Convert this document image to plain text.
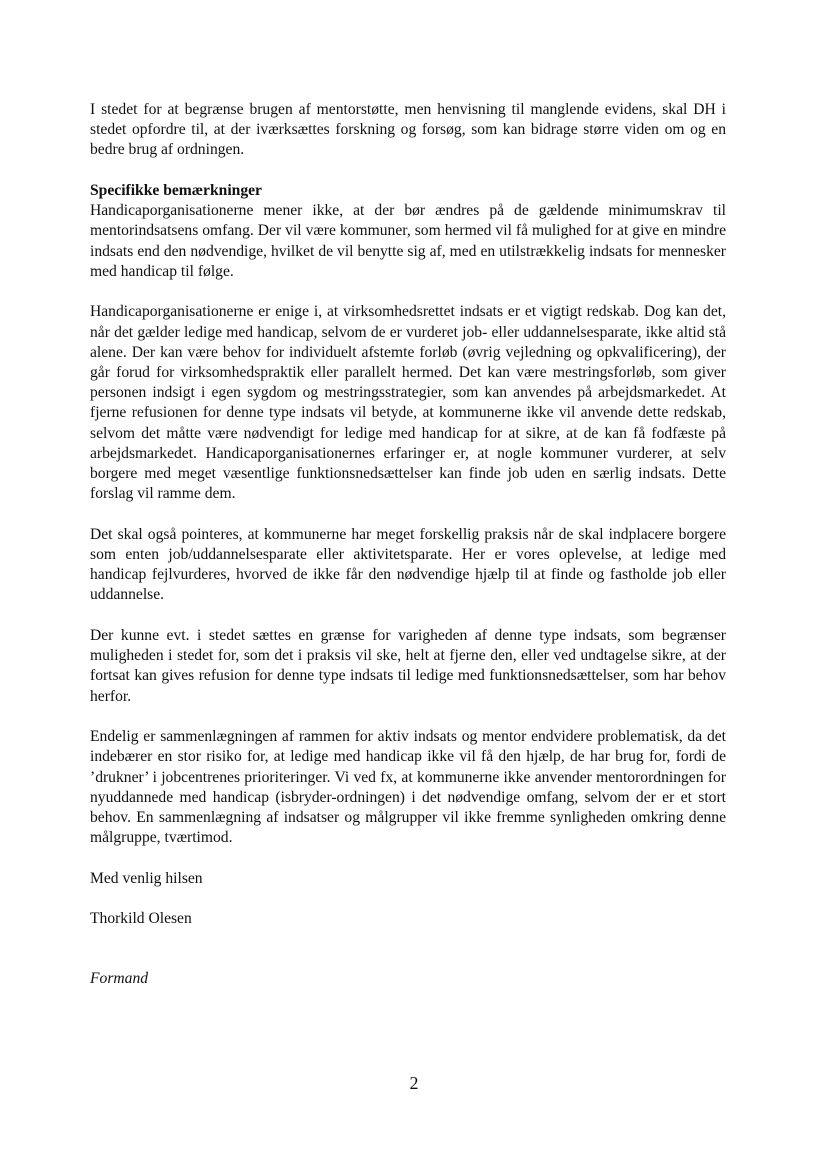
I stedet for at begrænse brugen af mentorstøtte, men henvisning til manglende evidens, skal DH i stedet opfordre til, at der iværksættes forskning og forsøg, som kan bidrage større viden om og en bedre brug af ordningen.

Specifikke bemærkninger

Handicaporganisationerne mener ikke, at der bør ændres på de gældende minimumskrav til mentorindsatsens omfang. Der vil være kommuner, som hermed vil få mulighed for at give en mindre indsats end den nødvendige, hvilket de vil benytte sig af, med en utilstrækkelig indsats for mennesker med handicap til følge.

Handicaporganisationerne er enige i, at virksomhedsrettet indsats er et vigtigt redskab. Dog kan det, når det gælder ledige med handicap, selvom de er vurderet job- eller uddannelsesparate, ikke altid stå alene. Der kan være behov for individuelt afstemte forløb (øvrig vejledning og opkvalificering), der går forud for virksomhedspraktik eller parallelt hermed. Det kan være mestringsforløb, som giver personen indsigt i egen sygdom og mestringsstrategier, som kan anvendes på arbejdsmarkedet. At fjerne refusionen for denne type indsats vil betyde, at kommunerne ikke vil anvende dette redskab, selvom det måtte være nødvendigt for ledige med handicap for at sikre, at de kan få fodfæste på arbejdsmarkedet. Handicaporganisationernes erfaringer er, at nogle kommuner vurderer, at selv borgere med meget væsentlige funktionsnedsættelser kan finde job uden en særlig indsats. Dette forslag vil ramme dem.

Det skal også pointeres, at kommunerne har meget forskellig praksis når de skal indplacere borgere som enten job/uddannelsesparate eller aktivitetsparate. Her er vores oplevelse, at ledige med handicap fejlvurderes, hvorved de ikke får den nødvendige hjælp til at finde og fastholde job eller uddannelse.

Der kunne evt. i stedet sættes en grænse for varigheden af denne type indsats, som begrænser muligheden i stedet for, som det i praksis vil ske, helt at fjerne den, eller ved undtagelse sikre, at der fortsat kan gives refusion for denne type indsats til ledige med funktionsnedsættelser, som har behov herfor.

Endelig er sammenlægningen af rammen for aktiv indsats og mentor endvidere problematisk, da det indebærer en stor risiko for, at ledige med handicap ikke vil få den hjælp, de har brug for, fordi de ’drukner’ i jobcentrenes prioriteringer. Vi ved fx, at kommunerne ikke anvender mentorordningen for nyuddannede med handicap (isbryder-ordningen) i det nødvendige omfang, selvom der er et stort behov. En sammenlægning af indsatser og målgrupper vil ikke fremme synligheden omkring denne målgruppe, tværtimod.

Med venlig hilsen

Thorkild Olesen

Formand

2
